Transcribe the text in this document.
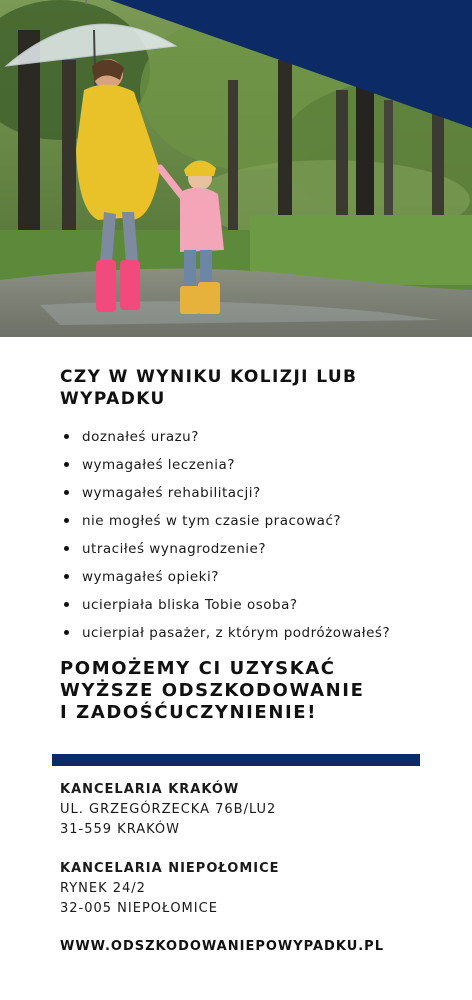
CZY W WYNIKU KOLIZJI LUB WYPADKU
doznałeś urazu?
wymagałeś leczenia?
wymagałeś rehabilitacji?
nie mogłeś w tym czasie pracować?
utraciłeś wynagrodzenie?
wymagałeś opieki?
ucierpiała bliska Tobie osoba?
ucierpiał pasażer, z którym podróżowałeś?
POMOŻEMY CI UZYSKAĆ
WYŻSZE ODSZKODOWANIE
I ZADOŚĆUCZYNIENIE!
KANCELARIA KRAKÓW
UL. GRZEGÓRZECKA 76B/LU2
31-559 KRAKÓW
KANCELARIA NIEPOŁOMICE
RYNEK 24/2
32-005 NIEPOŁOMICE
WWW.ODSZKODOWANIEPOWYPADKU.PL
